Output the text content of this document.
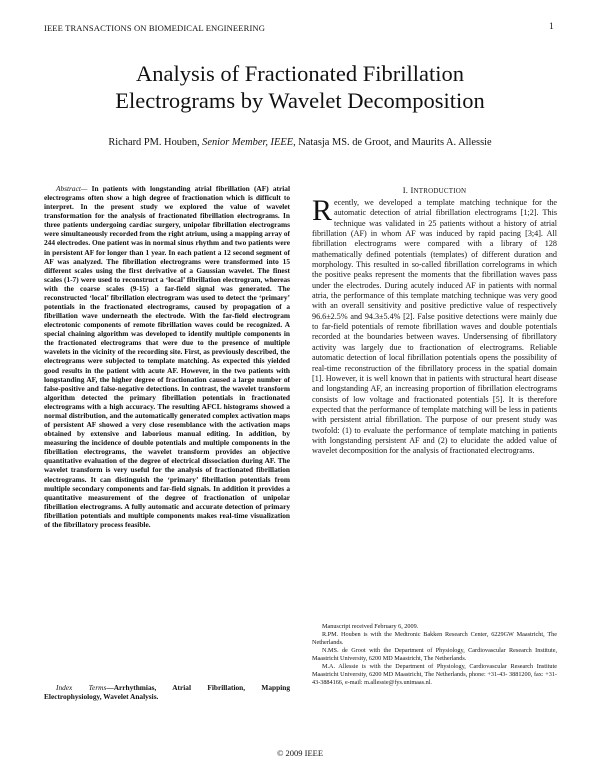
IEEE TRANSACTIONS ON BIOMEDICAL ENGINEERING	1
Analysis of Fractionated Fibrillation
Electrograms by Wavelet Decomposition
Richard PM. Houben, Senior Member, IEEE, Natasja MS. de Groot, and Maurits A. Allessie
Abstract— In patients with longstanding atrial fibrillation (AF) atrial electrograms often show a high degree of fractionation which is difficult to interpret. In the present study we explored the value of wavelet transformation for the analysis of fractionated fibrillation electrograms. In three patients undergoing cardiac surgery, unipolar fibrillation electrograms were simultaneously recorded from the right atrium, using a mapping array of 244 electrodes. One patient was in normal sinus rhythm and two patients were in persistent AF for longer than 1 year. In each patient a 12 second segment of AF was analyzed. The fibrillation electrograms were transformed into 15 different scales using the first derivative of a Gaussian wavelet. The finest scales (1-7) were used to reconstruct a ‘local’ fibrillation electrogram, whereas with the coarse scales (9-15) a far-field signal was generated. The reconstructed ‘local’ fibrillation electrogram was used to detect the ‘primary’ potentials in the fractionated electrograms, caused by propagation of a fibrillation wave underneath the electrode. With the far-field electrogram electrotonic components of remote fibrillation waves could be recognized. A special chaining algorithm was developed to identify multiple components in the fractionated electrograms that were due to the presence of multiple wavelets in the vicinity of the recording site. First, as previously described, the electrograms were subjected to template matching. As expected this yielded good results in the patient with acute AF. However, in the two patients with longstanding AF, the higher degree of fractionation caused a large number of false-positive and false-negative detections. In contrast, the wavelet transform algorithm detected the primary fibrillation potentials in fractionated electrograms with a high accuracy. The resulting AFCL histograms showed a normal distribution, and the automatically generated complex activation maps of persistent AF showed a very close resemblance with the activation maps obtained by extensive and laborious manual editing. In addition, by measuring the incidence of double potentials and multiple components in the fibrillation electrograms, the wavelet transform provides an objective quantitative evaluation of the degree of electrical dissociation during AF. The wavelet transform is very useful for the analysis of fractionated fibrillation electrograms. It can distinguish the ‘primary’ fibrillation potentials from multiple secondary components and far-field signals. In addition it provides a quantitative measurement of the degree of fractionation of unipolar fibrillation electrograms. A fully automatic and accurate detection of primary fibrillation potentials and multiple components makes real-time visualization of the fibrillatory process feasible.
Index Terms—Arrhythmias, Atrial Fibrillation, Mapping Electrophysiology, Wavelet Analysis.
I. INTRODUCTION
Recently, we developed a template matching technique for the automatic detection of atrial fibrillation electrograms [1;2]. This technique was validated in 25 patients without a history of atrial fibrillation (AF) in whom AF was induced by rapid pacing [3;4]. All fibrillation electrograms were compared with a library of 128 mathematically defined potentials (templates) of different duration and morphology. This resulted in so-called fibrillation correlograms in which the positive peaks represent the moments that the fibrillation waves pass under the electrodes. During acutely induced AF in patients with normal atria, the performance of this template matching technique was very good with an overall sensitivity and positive predictive value of respectively 96.6±2.5% and 94.3±5.4% [2]. False positive detections were mainly due to far-field potentials of remote fibrillation waves and double potentials recorded at the boundaries between waves. Undersensing of fibrillatory activity was largely due to fractionation of electrograms. Reliable automatic detection of local fibrillation potentials opens the possibility of real-time reconstruction of the fibrillatory process in the spatial domain [1]. However, it is well known that in patients with structural heart disease and longstanding AF, an increasing proportion of fibrillation electrograms consists of low voltage and fractionated potentials [5]. It is therefore expected that the performance of template matching will be less in patients with persistent atrial fibrillation. The purpose of our present study was twofold: (1) to evaluate the performance of template matching in patients with longstanding persistent AF and (2) to elucidate the added value of wavelet decomposition for the analysis of fractionated electrograms.

Manuscript received February 6, 2009.

R.PM. Houben is with the Medtronic Bakken Research Center, 6229GW Maastricht, The Netherlands.

N.MS. de Groot with the Department of Physiology, Cardiovascular Research Institute, Maastricht University, 6200 MD Maastricht, The Netherlands.

M.A. Allessie is with the Department of Physiology, Cardiovascular Research Institute Maastricht University, 6200 MD Maastricht, The Netherlands, phone: +31-43- 3881200, fax: +31-43-3884166, e-mail: m.allessie@fys.unimaas.nl.

© 2009 IEEE
